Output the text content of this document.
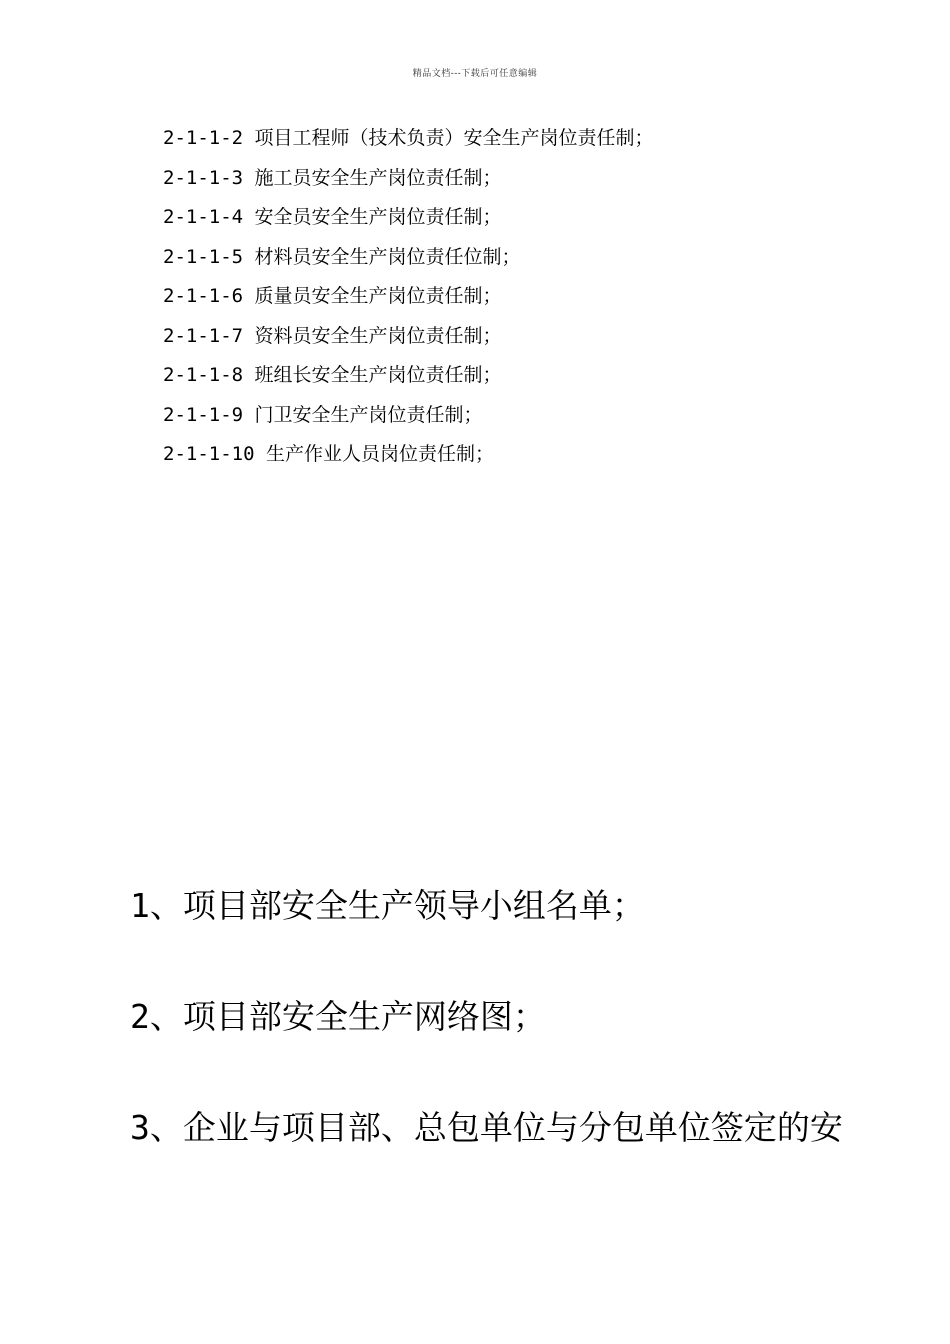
精品文档---下载后可任意编辑
2-1-1-2 项目工程师（技术负责）安全生产岗位责任制；
2-1-1-3 施工员安全生产岗位责任制；
2-1-1-4 安全员安全生产岗位责任制；
2-1-1-5 材料员安全生产岗位责任位制；
2-1-1-6 质量员安全生产岗位责任制；
2-1-1-7 资料员安全生产岗位责任制；
2-1-1-8 班组长安全生产岗位责任制；
2-1-1-9 门卫安全生产岗位责任制；
2-1-1-10 生产作业人员岗位责任制；
1、项目部安全生产领导小组名单；
2、项目部安全生产网络图；
3、企业与项目部、总包单位与分包单位签定的安
